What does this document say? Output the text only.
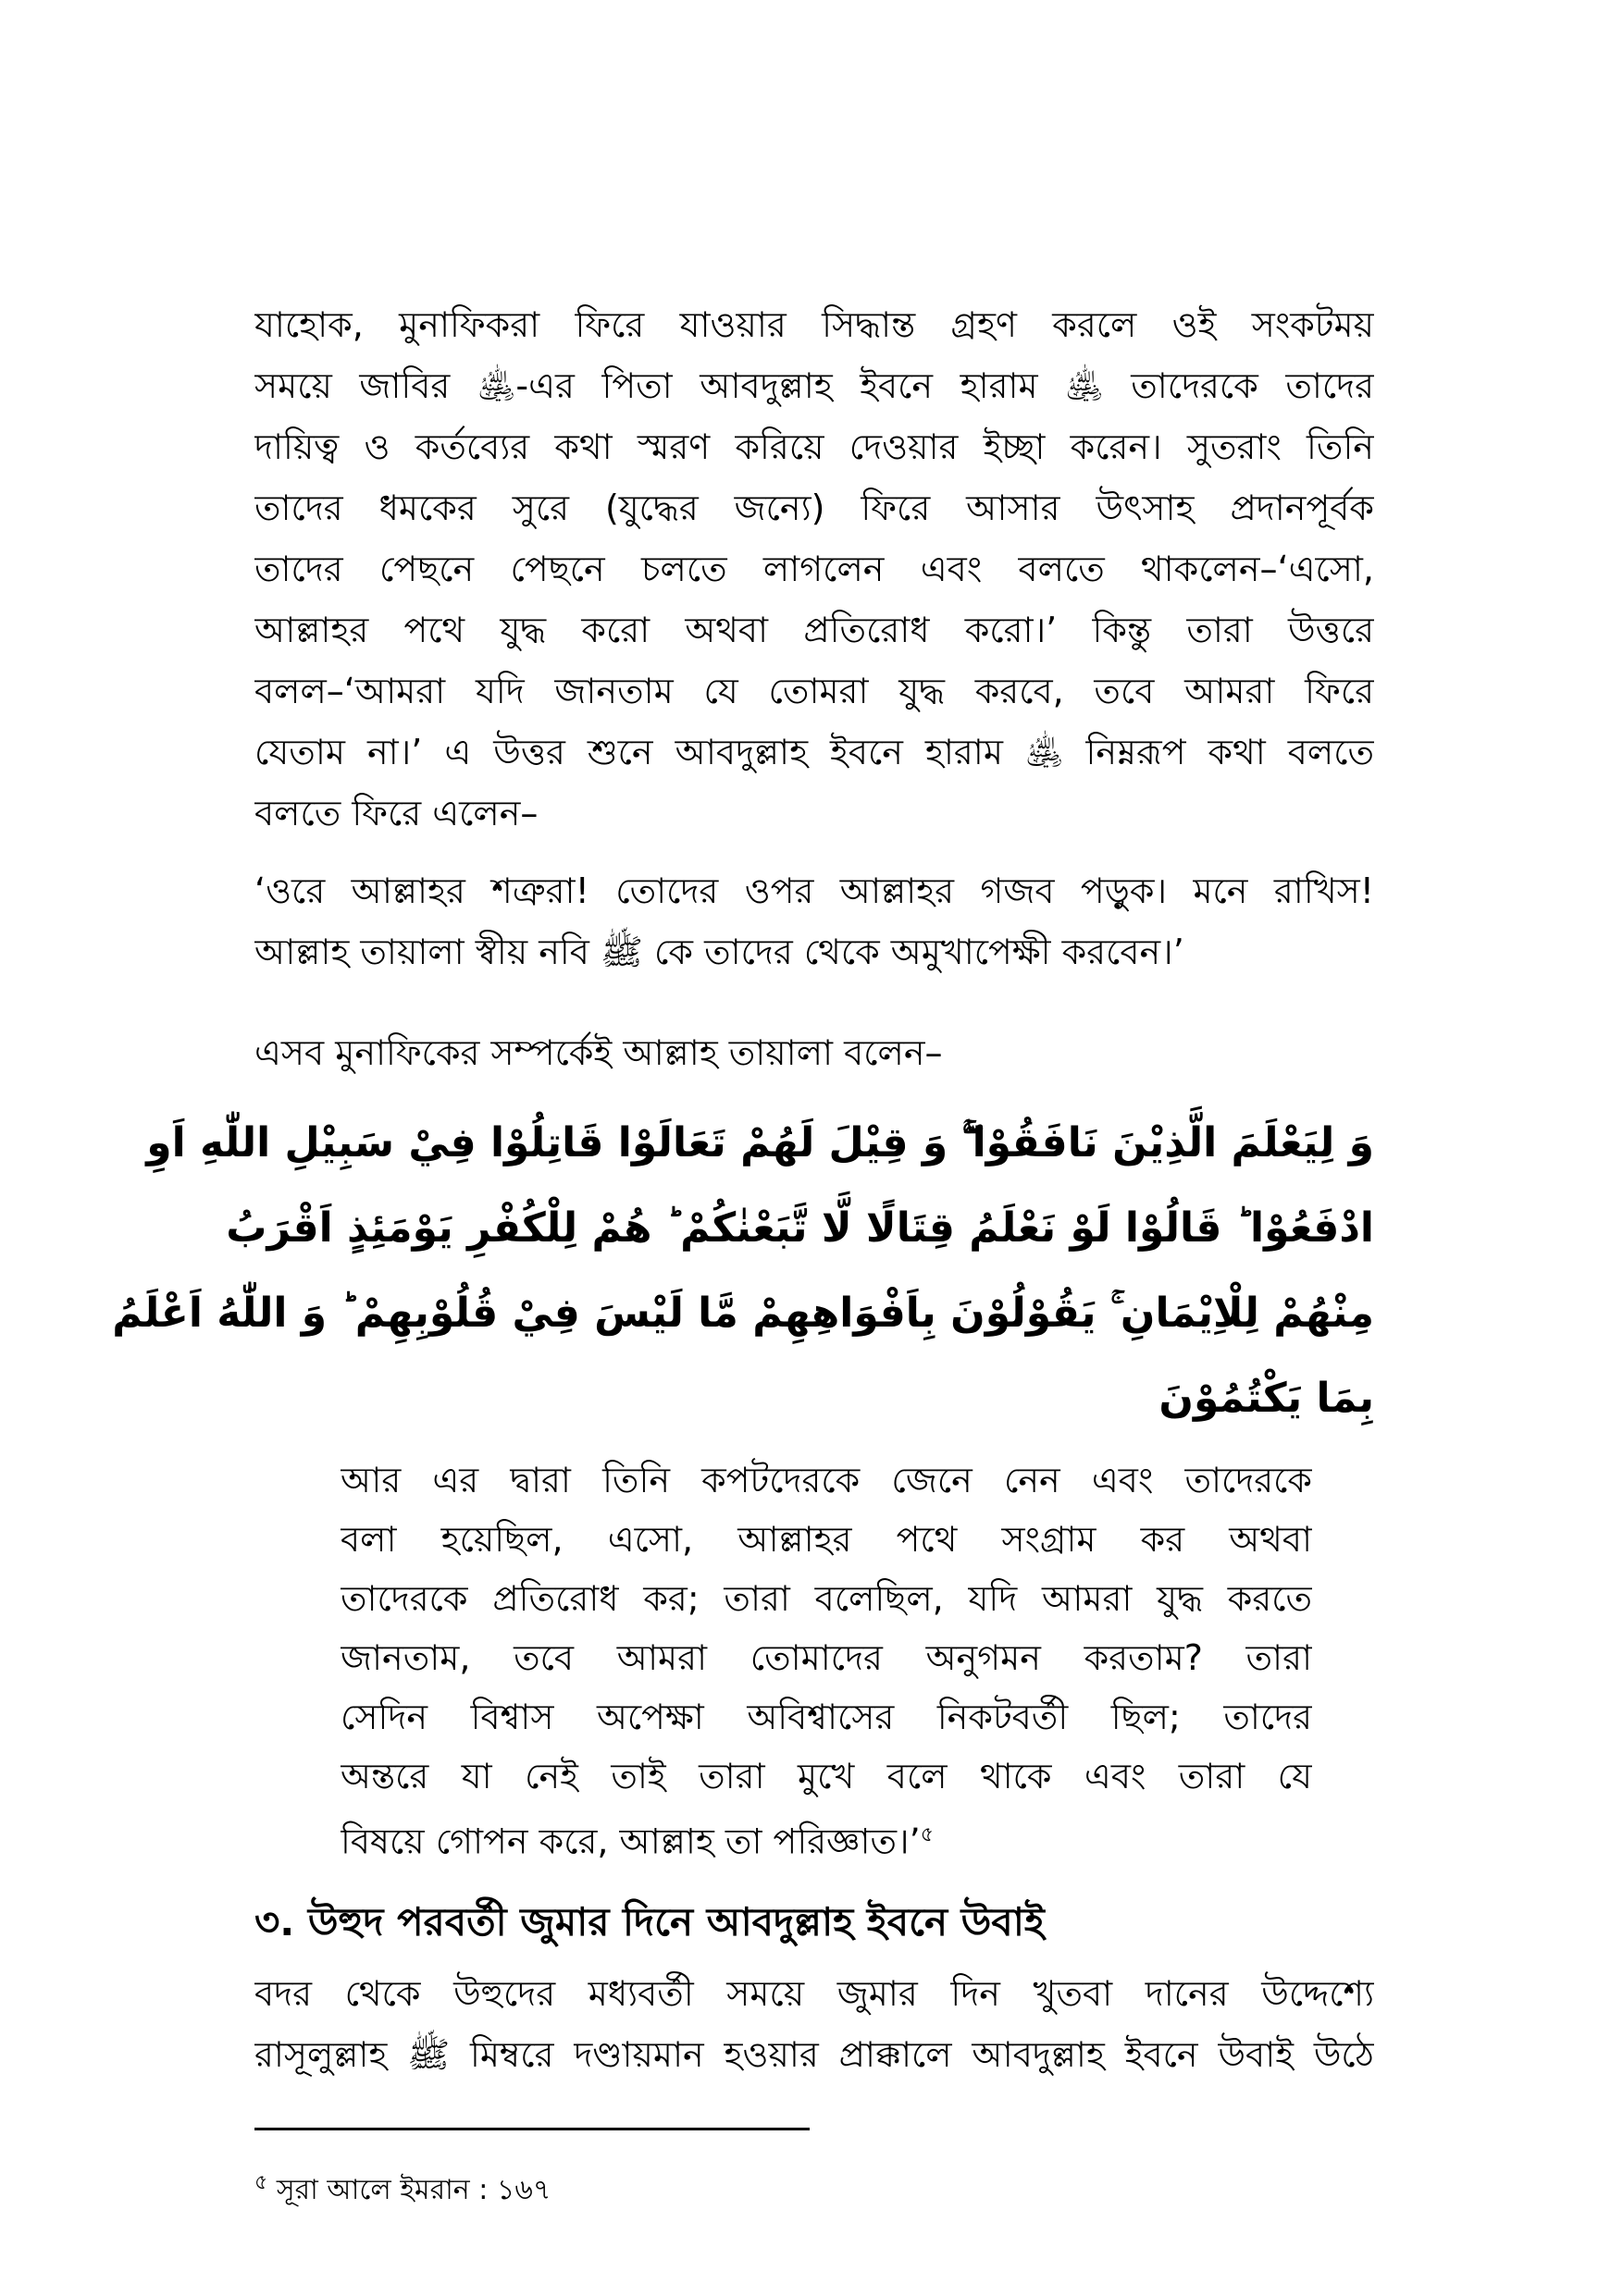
যাহোক, মুনাফিকরা ফিরে যাওয়ার সিদ্ধান্ত গ্রহণ করলে ওই সংকটময়
সময়ে জাবির ﵁-এর পিতা আবদুল্লাহ ইবনে হারাম ﵁ তাদেরকে তাদের
দায়িত্ব ও কর্তব্যের কথা স্মরণ করিয়ে দেওয়ার ইচ্ছা করেন। সুতরাং তিনি
তাদের ধমকের সুরে (যুদ্ধের জন্যে) ফিরে আসার উৎসাহ প্রদানপূর্বক
তাদের পেছনে পেছনে চলতে লাগলেন এবং বলতে থাকলেন–‘এসো,
আল্লাহর পথে যুদ্ধ করো অথবা প্রতিরোধ করো।’ কিন্তু তারা উত্তরে
বলল–‘আমরা যদি জানতাম যে তোমরা যুদ্ধ করবে, তবে আমরা ফিরে
যেতাম না।’ এ উত্তর শুনে আবদুল্লাহ ইবনে হারাম ﵁ নিম্নরূপ কথা বলতে
বলতে ফিরে এলেন–
‘ওরে আল্লাহর শত্রুরা! তোদের ওপর আল্লাহর গজব পড়ুক। মনে রাখিস!
আল্লাহ তায়ালা স্বীয় নবি ﷺ কে তাদের থেকে অমুখাপেক্ষী করবেন।’
এসব মুনাফিকের সম্পর্কেই আল্লাহ তায়ালা বলেন–
وَ لِيَعْلَمَ الَّذِيْنَ نَافَقُوْا ۖۚ وَ قِيْلَ لَهُمْ تَعَالَوْا قَاتِلُوْا فِيْ سَبِيْلِ اللّٰهِ اَوِ
ادْفَعُوْا ؕ قَالُوْا لَوْ نَعْلَمُ قِتَالًا لَّا تَّبَعْنٰكُمْ ؕ هُمْ لِلْكُفْرِ يَوْمَئِذٍ اَقْرَبُ
مِنْهُمْ لِلْاِيْمَانِ ۚ يَقُوْلُوْنَ بِاَفْوَاهِهِمْ مَّا لَيْسَ فِيْ قُلُوْبِهِمْ ؕ وَ اللّٰهُ اَعْلَمُ
بِمَا يَكْتُمُوْنَ
আর এর দ্বারা তিনি কপটদেরকে জেনে নেন এবং তাদেরকে
বলা হয়েছিল, এসো, আল্লাহর পথে সংগ্রাম কর অথবা
তাদেরকে প্রতিরোধ কর; তারা বলেছিল, যদি আমরা যুদ্ধ করতে
জানতাম, তবে আমরা তোমাদের অনুগমন করতাম? তারা
সেদিন বিশ্বাস অপেক্ষা অবিশ্বাসের নিকটবর্তী ছিল; তাদের
অন্তরে যা নেই তাই তারা মুখে বলে থাকে এবং তারা যে
বিষয়ে গোপন করে, আল্লাহ তা পরিজ্ঞাত।’$^৫$
৩. উহুদ পরবর্তী জুমার দিনে আবদুল্লাহ ইবনে উবাই
বদর থেকে উহুদের মধ্যবর্তী সময়ে জুমার দিন খুতবা দানের উদ্দেশ্যে
রাসূলুল্লাহ ﷺ মিম্বরে দণ্ডায়মান হওয়ার প্রাক্কালে আবদুল্লাহ ইবনে উবাই উঠে
$^৫$ সূরা আলে ইমরান : ১৬৭
